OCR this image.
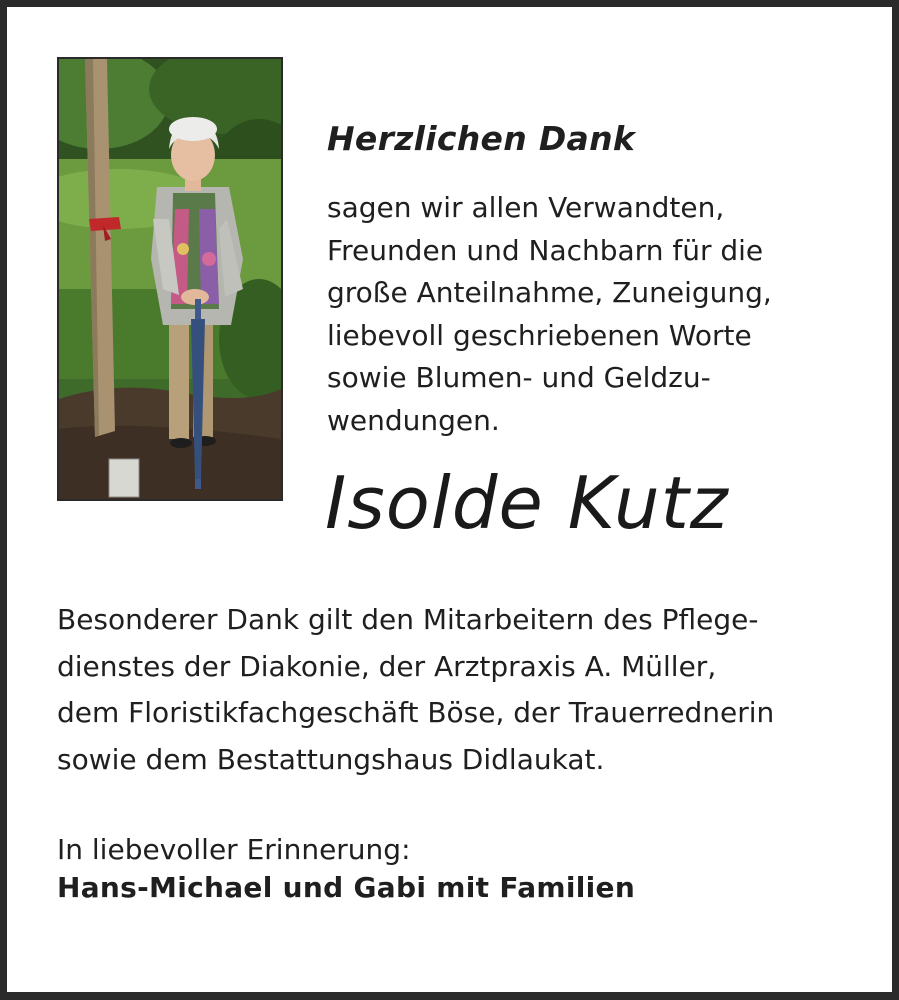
Herzlichen Dank
sagen wir allen Verwandten,
Freunden und Nachbarn für die
große Anteilnahme, Zuneigung,
liebevoll geschriebenen Worte
sowie Blumen- und Geldzu-
wendungen.
Isolde Kutz
Besonderer Dank gilt den Mitarbeitern des Pflege-
dienstes der Diakonie, der Arztpraxis A. Müller,
dem Floristikfachgeschäft Böse, der Trauerrednerin
sowie dem Bestattungshaus Didlaukat.

In liebevoller Erinnerung:

Hans-Michael und Gabi mit Familien
